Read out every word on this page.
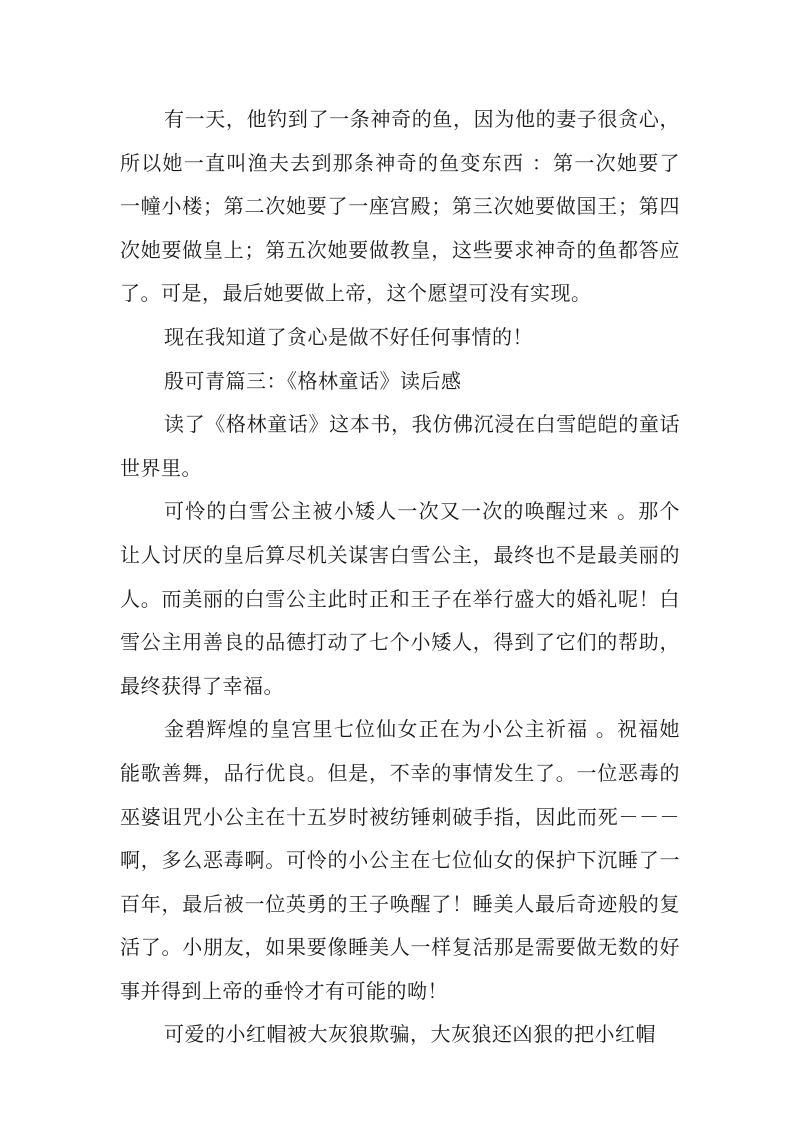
有一天，他钓到了一条神奇的鱼，因为他的妻子很贪心，所以她一直叫渔夫去到那条神奇的鱼变东西 ：第一次她要了一幢小楼；第二次她要了一座宫殿；第三次她要做国王；第四次她要做皇上；第五次她要做教皇，这些要求神奇的鱼都答应了。可是，最后她要做上帝，这个愿望可没有实现。

现在我知道了贪心是做不好任何事情的！

殷可青篇三：《格林童话》读后感

读了《格林童话》这本书，我仿佛沉浸在白雪皑皑的童话世界里。

可怜的白雪公主被小矮人一次又一次的唤醒过来 。那个让人讨厌的皇后算尽机关谋害白雪公主，最终也不是最美丽的人。而美丽的白雪公主此时正和王子在举行盛大的婚礼呢！白雪公主用善良的品德打动了七个小矮人，得到了它们的帮助，最终获得了幸福。

金碧辉煌的皇宫里七位仙女正在为小公主祈福 。祝福她能歌善舞，品行优良。但是，不幸的事情发生了。一位恶毒的巫婆诅咒小公主在十五岁时被纺锤刺破手指，因此而死－－－啊，多么恶毒啊。可怜的小公主在七位仙女的保护下沉睡了一百年，最后被一位英勇的王子唤醒了！睡美人最后奇迹般的复活了。小朋友，如果要像睡美人一样复活那是需要做无数的好事并得到上帝的垂怜才有可能的呦！

可爱的小红帽被大灰狼欺骗，大灰狼还凶狠的把小红帽
